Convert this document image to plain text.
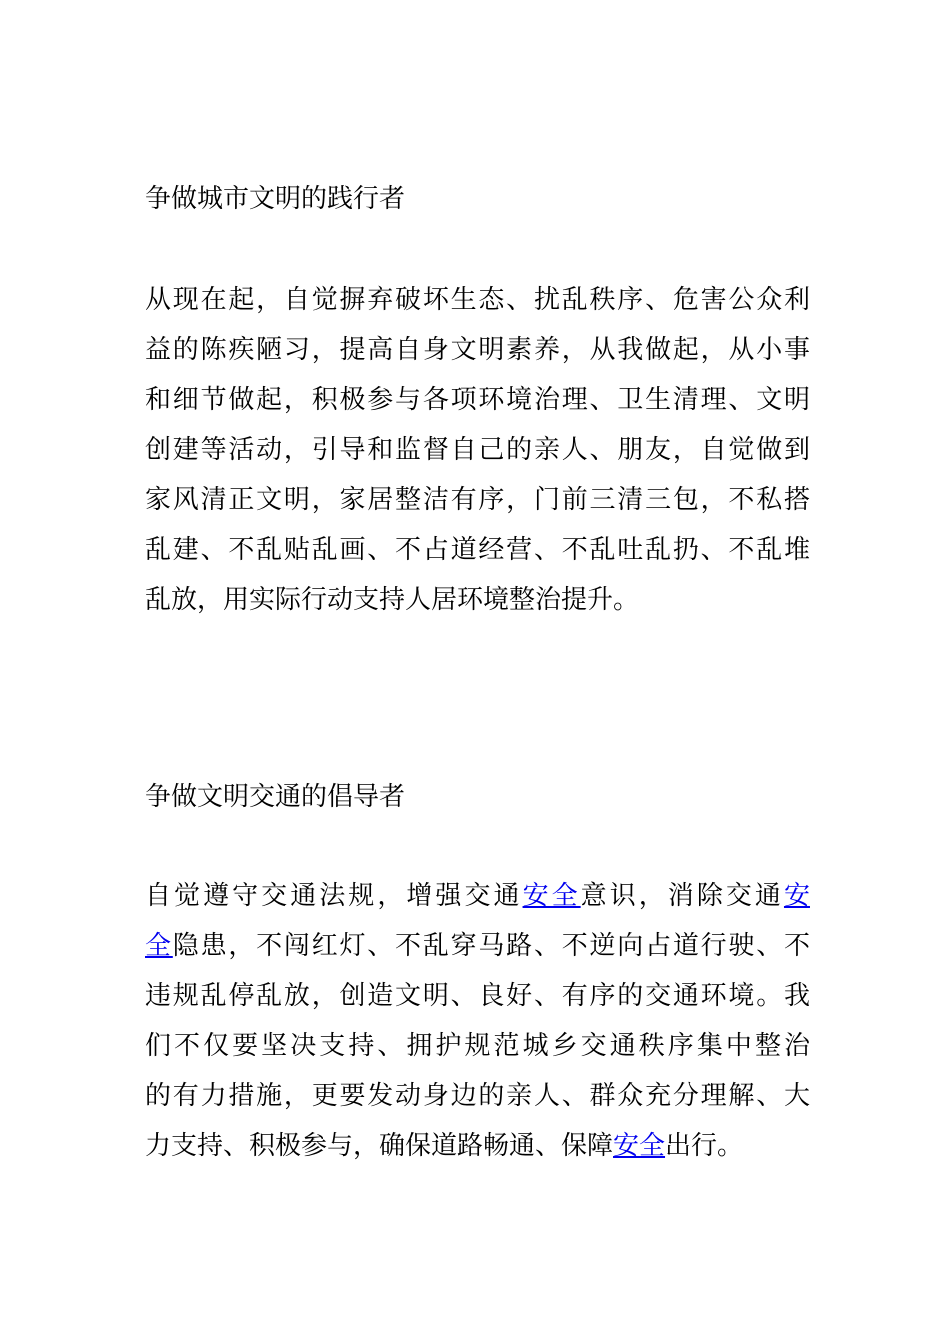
争做城市文明的践行者
从现在起，自觉摒弃破坏生态、扰乱秩序、危害公众利
益的陈疾陋习，提高自身文明素养，从我做起，从小事
和细节做起，积极参与各项环境治理、卫生清理、文明
创建等活动，引导和监督自己的亲人、朋友，自觉做到
家风清正文明，家居整洁有序，门前三清三包，不私搭
乱建、不乱贴乱画、不占道经营、不乱吐乱扔、不乱堆
乱放，用实际行动支持人居环境整治提升。
争做文明交通的倡导者
自觉遵守交通法规，增强交通安全意识，消除交通安
全隐患，不闯红灯、不乱穿马路、不逆向占道行驶、不
违规乱停乱放，创造文明、良好、有序的交通环境。我
们不仅要坚决支持、拥护规范城乡交通秩序集中整治
的有力措施，更要发动身边的亲人、群众充分理解、大
力支持、积极参与，确保道路畅通、保障安全出行。
